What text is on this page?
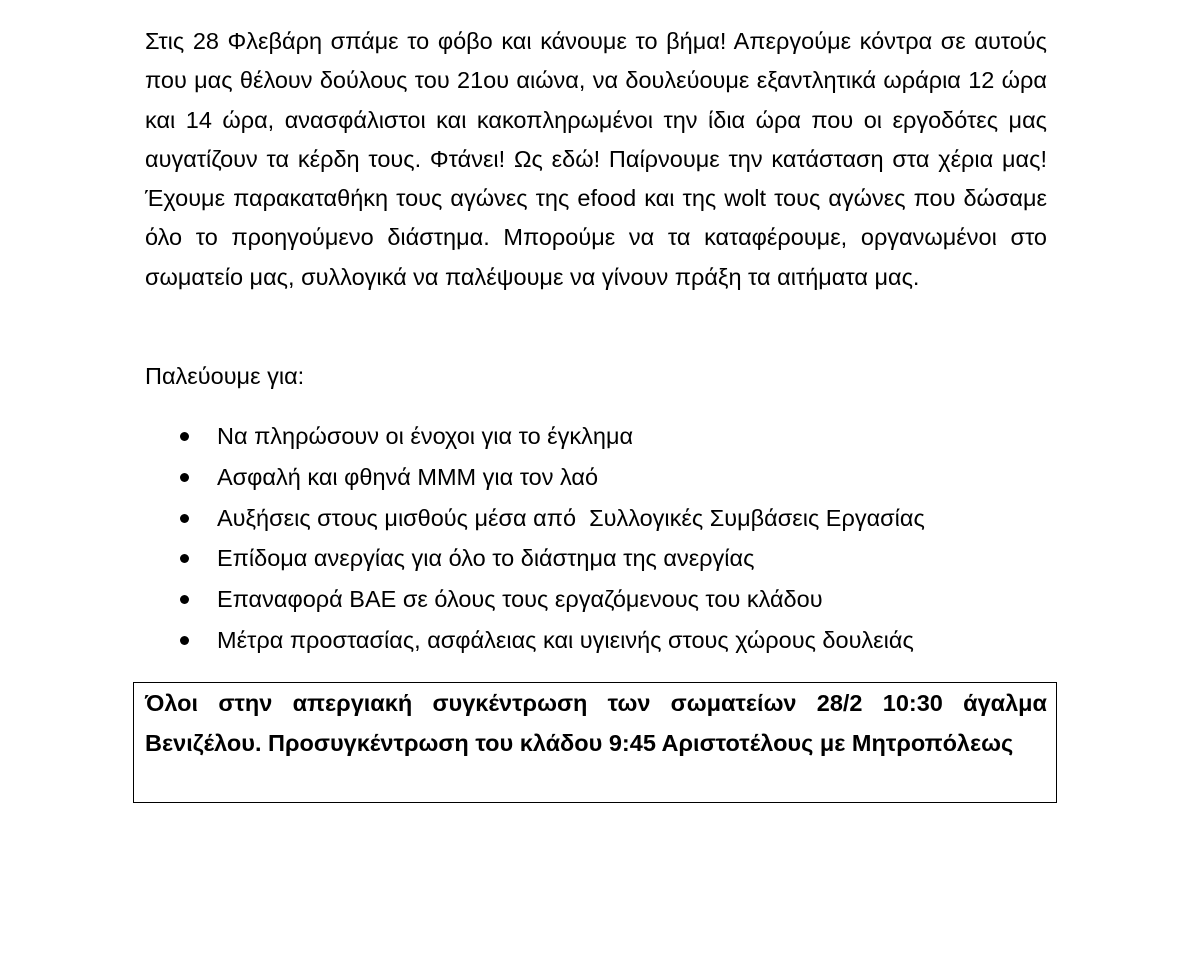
Στις 28 Φλεβάρη σπάμε το φόβο και κάνουμε το βήμα! Απεργούμε κόντρα σε αυτούς που μας θέλουν δούλους του 21ου αιώνα, να δουλεύουμε εξαντλητικά ωράρια 12 ώρα και 14 ώρα, ανασφάλιστοι και κακοπληρωμένοι την ίδια ώρα που οι εργοδότες μας αυγατίζουν τα κέρδη τους. Φτάνει! Ως εδώ! Παίρνουμε την κατάσταση στα χέρια μας! Έχουμε παρακαταθήκη τους αγώνες της efood και της wolt τους αγώνες που δώσαμε όλο το προηγούμενο διάστημα. Μπορούμε να τα καταφέρουμε, οργανωμένοι στο σωματείο μας, συλλογικά να παλέψουμε να γίνουν πράξη τα αιτήματα μας.

Παλεύουμε για:

Να πληρώσουν οι ένοχοι για το έγκλημα
Ασφαλή και φθηνά ΜΜΜ για τον λαό
Αυξήσεις στους μισθούς μέσα από  Συλλογικές Συμβάσεις Εργασίας
Επίδομα ανεργίας για όλο το διάστημα της ανεργίας
Επαναφορά ΒΑΕ σε όλους τους εργαζόμενους του κλάδου
Μέτρα προστασίας, ασφάλειας και υγιεινής στους χώρους δουλειάς

Όλοι στην απεργιακή συγκέντρωση των σωματείων 28/2 10:30 άγαλμα Βενιζέλου. Προσυγκέντρωση του κλάδου 9:45 Αριστοτέλους με Μητροπόλεως
